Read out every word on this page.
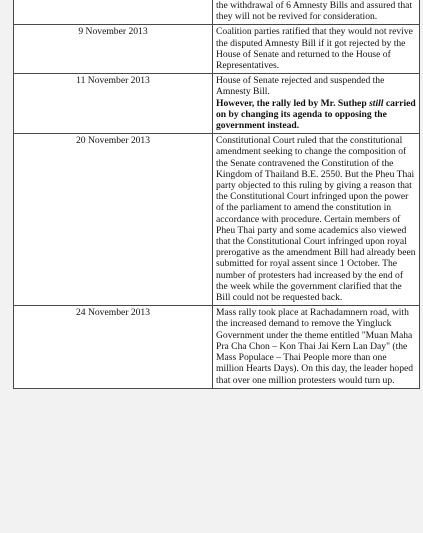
	the withdrawal of 6 Amnesty Bills and assured that they will not be revived for consideration.
9 November 2013	Coalition parties ratified that they would not revive the disputed Amnesty Bill if it got rejected by the House of Senate and returned to the House of Representatives.
11 November 2013	House of Senate rejected and suspended the Amnesty Bill.
However, the rally led by Mr. Suthep still carried on by changing its agenda to opposing the government instead.
20 November 2013	Constitutional Court ruled that the constitutional amendment seeking to change the composition of the Senate contravened the Constitution of the Kingdom of Thailand B.E. 2550. But the Pheu Thai party objected to this ruling by giving a reason that the Constitutional Court infringed upon the power of the parliament to amend the constitution in accordance with procedure. Certain members of Pheu Thai party and some academics also viewed that the Constitutional Court infringed upon royal prerogative as the amendment Bill had already been submitted for royal assent since 1 October. The number of protesters had increased by the end of the week while the government clarified that the Bill could not be requested back.
24 November 2013	Mass rally took place at Rachadamnern road, with the increased demand to remove the Yingluck Government under the theme entitled "Muan Maha Pra Cha Chon – Kon Thai Jai Kern Lan Day" (the Mass Populace – Thai People more than one million Hearts Days). On this day, the leader hoped that over one million protesters would turn up.
